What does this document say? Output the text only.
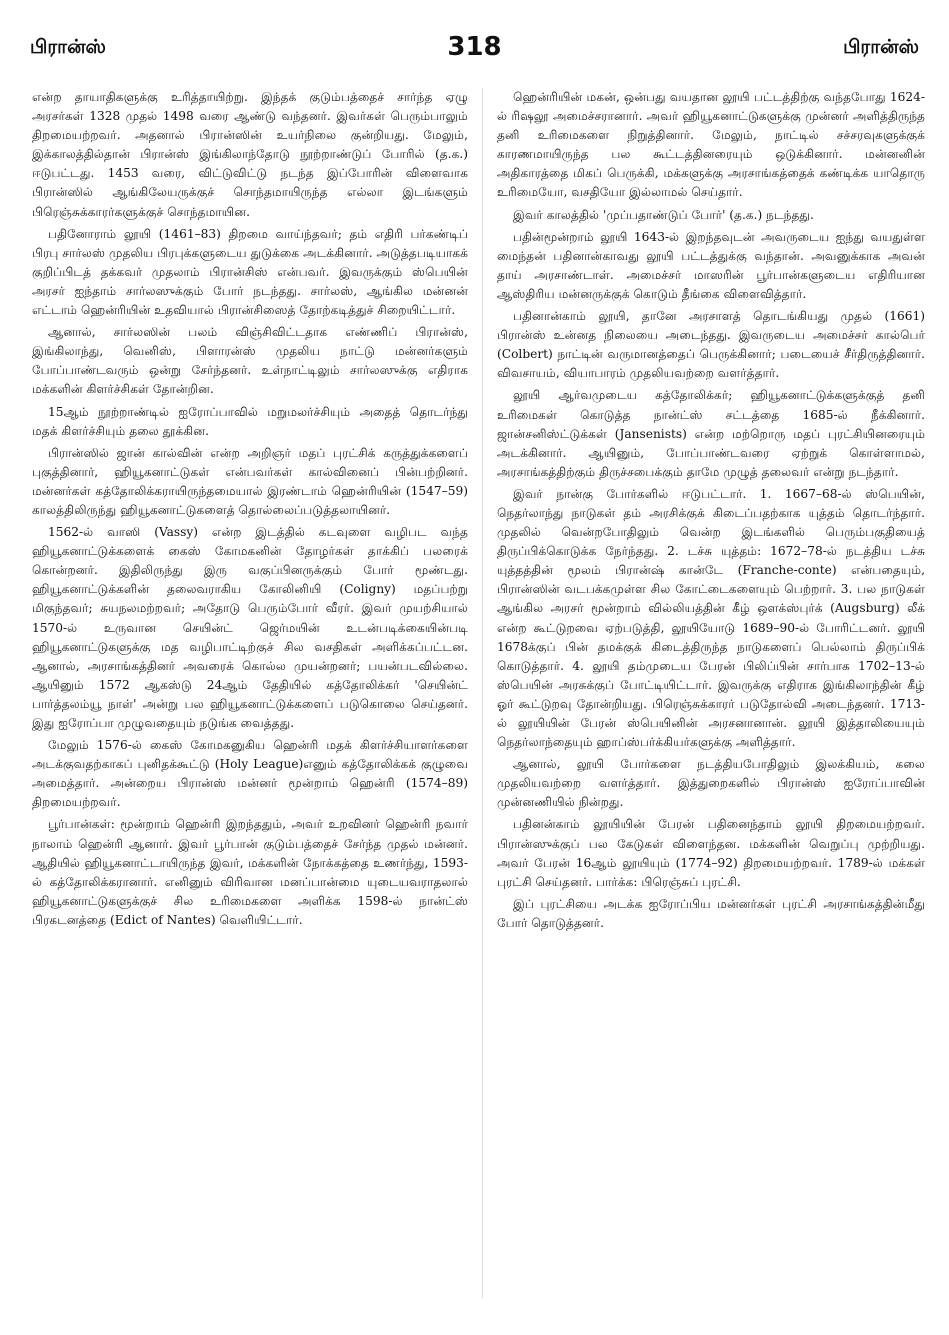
பிரான்ஸ்	318	பிரான்ஸ்

என்ற தாயாதிகளுக்கு உரித்தாயிற்று. இந்தக் குடும்பத்தைச் சார்ந்த ஏழு அரசர்கள் 1328 முதல் 1498 வரை ஆண்டு வந்தனர். இவர்கள் பெரும்பாலும் திறமையற்றவர். அதனால் பிரான்ஸின் உயர்நிலை குன்றியது. மேலும், இக்காலத்தில்தான் பிரான்ஸ் இங்கிலாந்தோடு நூற்றாண்டுப் போரில் (த.க.) ஈடுபட்டது. 1453 வரை, விட்டுவிட்டு நடந்த இப்போரின் விளைவாக பிரான்ஸில் ஆங்கிலேயருக்குச் சொந்தமாயிருந்த எல்லா இடங்களும் பிரெஞ்சுக்காரர்களுக்குச் சொந்தமாயின.

பதினோராம் லூயி (1461–83) திறமை வாய்ந்தவர்; தம் எதிரி பர்கண்டிப் பிரபு சார்லஸ் முதலிய பிரபுக்களுடைய துடுக்கை அடக்கினார். அடுத்தபடியாகக் குறிப்பிடத் தக்கவர் முதலாம் பிரான்சிஸ் என்பவர். இவருக்கும் ஸ்பெயின் அரசர் ஐந்தாம் சார்லஸுக்கும் போர் நடந்தது. சார்லஸ், ஆங்கில மன்னன் எட்டாம் ஹென்ரியின் உதவியால் பிரான்சிஸைத் தோற்கடித்துச் சிறையிட்டார்.

ஆனால், சார்லஸின் பலம் விஞ்சிவிட்டதாக எண்ணிப் பிரான்ஸ், இங்கிலாந்து, வெனிஸ், பிளாரன்ஸ் முதலிய நாட்டு மன்னர்களும் போப்பாண்டவரும் ஒன்று சேர்ந்தனர். உள்நாட்டிலும் சார்லஸுக்கு எதிராக மக்களின் கிளர்ச்சிகள் தோன்றின.

15ஆம் நூற்றாண்டில் ஐரோப்பாவில் மறுமலர்ச்சியும் அதைத் தொடர்ந்து மதக் கிளர்ச்சியும் தலை தூக்கின.

பிரான்ஸில் ஜான் கால்வின் என்ற அறிஞர் மதப் புரட்சிக் கருத்துக்களைப் புகுத்தினார், ஹியூகனாட்டுகள் என்பவர்கள் கால்வினைப் பின்பற்றினர். மன்னர்கள் கத்தோலிக்கராயிருந்தமையால் இரண்டாம் ஹென்ரியின் (1547–59) காலத்திலிருந்து ஹியூகனாட்டுகளைத் தொல்லைப்படுத்தலாயினர்.

1562-ல் வாஸி (Vassy) என்ற இடத்தில் கடவுளை வழிபட வந்த ஹியூகனாட்டுக்களைக் கைஸ் கோமகனின் தோழர்கள் தாக்கிப் பலரைக் கொன்றனர். இதிலிருந்து இரு வகுப்பினருக்கும் போர் மூண்டது. ஹியூகனாட்டுக்களின் தலைவராகிய கோலினியி (Coligny) மதப்பற்று மிகுந்தவர்; சுயநலமற்றவர்; அதோடு பெரும்போர் வீரர். இவர் முயற்சியால் 1570-ல் உருவான செயின்ட் ஜெர்மயின் உடன்படிக்கையின்படி ஹியூகனாட்டுகளுக்கு மத வழிபாட்டிற்குச் சில வசதிகள் அளிக்கப்பட்டன. ஆனால், அரசாங்கத்தினர் அவரைக் கொல்ல முயன்றனர்; பயன்படவில்லை. ஆயினும் 1572 ஆகஸ்டு 24ஆம் தேதியில் கத்தோலிக்கர் 'செயின்ட் பார்த்தலம்யூ நாள்' அன்று பல ஹியூகனாட்டுக்களைப் படுகொலை செய்தனர். இது ஐரோப்பா முழுவதையும் நடுங்க வைத்தது.

மேலும் 1576-ல் கைஸ் கோமகனுகிய ஹென்ரி மதக் கிளர்ச்சியாளர்களை அடக்குவதற்காகப் புனிதக்கூட்டு (Holy League)எனும் கத்தோலிக்கக் குழுவை அமைத்தார். அன்றைய பிரான்ஸ் மன்னர் மூன்றாம் ஹென்ரி (1574–89) திறமையற்றவர்.

பூர்பான்கள்: மூன்றாம் ஹென்ரி இறந்ததும், அவர் உறவினர் ஹென்ரி நவார் நாலாம் ஹென்ரி ஆனார். இவர் பூர்பான் குடும்பத்தைச் சேர்ந்த முதல் மன்னர். ஆதியில் ஹியூகனாட்டாயிருந்த இவர், மக்களின் நோக்கத்தை உணர்ந்து, 1593-ல் கத்தோலிக்கரானார். எனினும் விரிவான மனப்பான்மை யுடையவராதலால் ஹியூகனாட்டுகளுக்குச் சில உரிமைகளை அளிக்க 1598-ல் நான்ட்ஸ் பிரகடனத்தை (Edict of Nantes) வெளியிட்டார்.

ஹென்ரியின் மகன், ஒன்பது வயதான லூயி பட்டத்திற்கு வந்தபோது 1624-ல் ரிஷலூ அமைச்சரானார். அவர் ஹியூகனாட்டுகளுக்கு முன்னர் அளித்திருந்த தனி உரிமைகளை நிறுத்தினார். மேலும், நாட்டில் சச்சரவுகளுக்குக் காரணமாயிருந்த பல கூட்டத்தினரையும் ஒடுக்கினார். மன்னனின் அதிகாரத்தை மிகப் பெருக்கி, மக்களுக்கு அரசாங்கத்தைக் கண்டிக்க யாதொரு உரிமையோ, வசதியோ இல்லாமல் செய்தார்.

இவர் காலத்தில் 'முப்பதாண்டுப் போர்' (த.க.) நடந்தது.

பதின்மூன்றாம் லூயி 1643-ல் இறந்தவுடன் அவருடைய ஐந்து வயதுள்ள மைந்தன் பதினான்காவது லூயி பட்டத்துக்கு வந்தான். அவனுக்காக அவன் தாய் அரசாண்டாள். அமைச்சர் மாஸரின் பூர்பான்களுடைய எதிரியான ஆஸ்திரிய மன்னருக்குக் கொடும் தீங்கை விளைவித்தார்.

பதினான்காம் லூயி, தானே அரசாளத் தொடங்கியது முதல் (1661) பிரான்ஸ் உன்னத நிலையை அடைந்தது. இவருடைய அமைச்சர் கால்பெர் (Colbert) நாட்டின் வருமானத்தைப் பெருக்கினார்; படையைச் சீர்திருத்தினார். விவசாயம், வியாபாரம் முதலியவற்றை வளர்த்தார்.

லூயி ஆர்வமுடைய கத்தோலிக்கர்; ஹியூகனாட்டுக்களுக்குத் தனி உரிமைகள் கொடுத்த நான்ட்ஸ் சட்டத்தை 1685-ல் நீக்கினார். ஜான்சனிஸ்ட்டுக்கள் (Jansenists) என்ற மற்றொரு மதப் புரட்சியினரையும் அடக்கினார். ஆயினும், போப்பாண்டவரை ஏற்றுக் கொள்ளாமல், அரசாங்கத்திற்கும் திருச்சபைக்கும் தாமே முழுத் தலைவர் என்று நடந்தார்.

இவர் நான்கு போர்களில் ஈடுபட்டார். 1. 1667–68-ல் ஸ்பெயின், நெதர்லாந்து நாடுகள் தம் அரசிக்குக் கிடைப்பதற்காக யுத்தம் தொடர்ந்தார். முதலில் வென்றபோதிலும் வென்ற இடங்களில் பெரும்பகுதியைத் திருப்பிக்கொடுக்க நேர்ந்தது. 2. டச்சு யுத்தம்: 1672–78-ல் நடத்திய டச்சு யுத்தத்தின் மூலம் பிரான்ஷ் கான்டே (Franche-conte) என்பதையும், பிரான்ஸின் வடபக்கமுள்ள சில கோட்டைகளையும் பெற்றார். 3. பல நாடுகள் ஆங்கில அரசர் மூன்றாம் வில்லியத்தின் கீழ் ஒளக்ஸ்புர்க் (Augsburg) லீக் என்ற கூட்டுறவை ஏற்படுத்தி, லூயியோடு 1689–90-ல் போரிட்டனர். லூயி 1678க்குப் பின் தமக்குக் கிடைத்திருந்த நாடுகளைப் பெல்லாம் திருப்பிக் கொடுத்தார். 4. லூயி தம்முடைய பேரன் பிலிப்பின் சார்பாக 1702–13-ல் ஸ்பெயின் அரசுக்குப் போட்டியிட்டார். இவருக்கு எதிராக இங்கிலாந்தின் கீழ் ஓர் கூட்டுறவு தோன்றியது. பிரெஞ்சுக்காரர் படுதோல்வி அடைந்தனர். 1713-ல் லூயியின் பேரன் ஸ்பெயினின் அரசனானான். லூயி இத்தாலியையும் நெதர்லாந்தையும் ஹாப்ஸ்பர்க்கியர்களுக்கு அளித்தார்.

ஆனால், லூயி போர்களை நடத்தியபோதிலும் இலக்கியம், கலை முதலியவற்றை வளர்த்தார். இத்துறைகளில் பிரான்ஸ் ஐரோப்பாவின் முன்னணியில் நின்றது.

பதினன்காம் லூயியின் பேரன் பதினைந்தாம் லூயி திறமையற்றவர். பிரான்ஸுக்குப் பல கேடுகள் விளைந்தன. மக்களின் வெறுப்பு முற்றியது. அவர் பேரன் 16ஆம் லூயியும் (1774–92) திறமையற்றவர். 1789-ல் மக்கள் புரட்சி செய்தனர். பார்க்க: பிரெஞ்சுப் புரட்சி.

இப் புரட்சியை அடக்க ஐரோப்பிய மன்னர்கள் புரட்சி அரசாங்கத்தின்மீது போர் தொடுத்தனர்.
